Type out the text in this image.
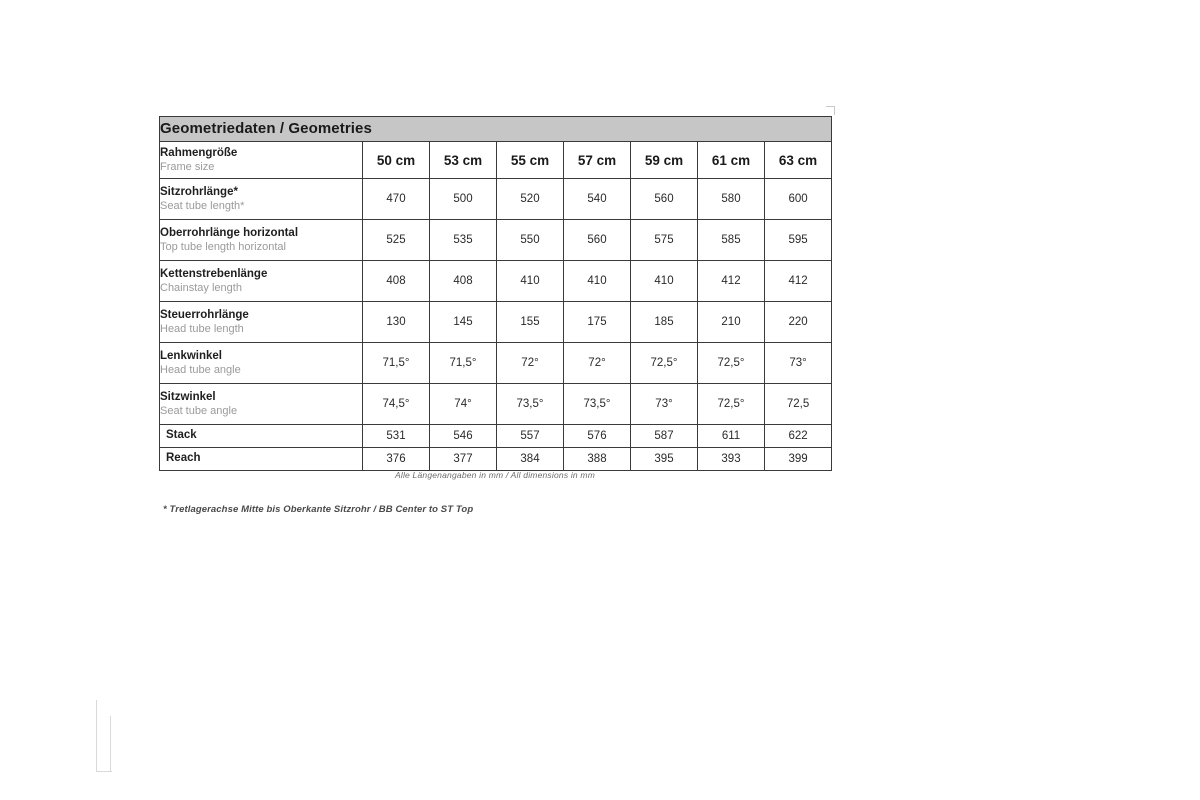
Geometriedaten / Geometries							

Rahmengröße
Frame size	50 cm	53 cm	55 cm	57 cm	59 cm	61 cm	63 cm

Sitzrohrlänge*
Seat tube length*	470	500	520	540	560	580	600

Oberrohrlänge horizontal
Top tube length horizontal	525	535	550	560	575	585	595

Kettenstrebenlänge
Chainstay length	408	408	410	410	410	412	412

Steuerrohrlänge
Head tube length	130	145	155	175	185	210	220

Lenkwinkel
Head tube angle	71,5°	71,5°	72°	72°	72,5°	72,5°	73°

Sitzwinkel
Seat tube angle	74,5°	74°	73,5°	73,5°	73°	72,5°	72,5

Stack	531	546	557	576	587	611	622

Reach	376	377	384	388	395	393	399
Alle Längenangaben in mm / All dimensions in mm
* Tretlagerachse Mitte bis Oberkante Sitzrohr / BB Center to ST Top
